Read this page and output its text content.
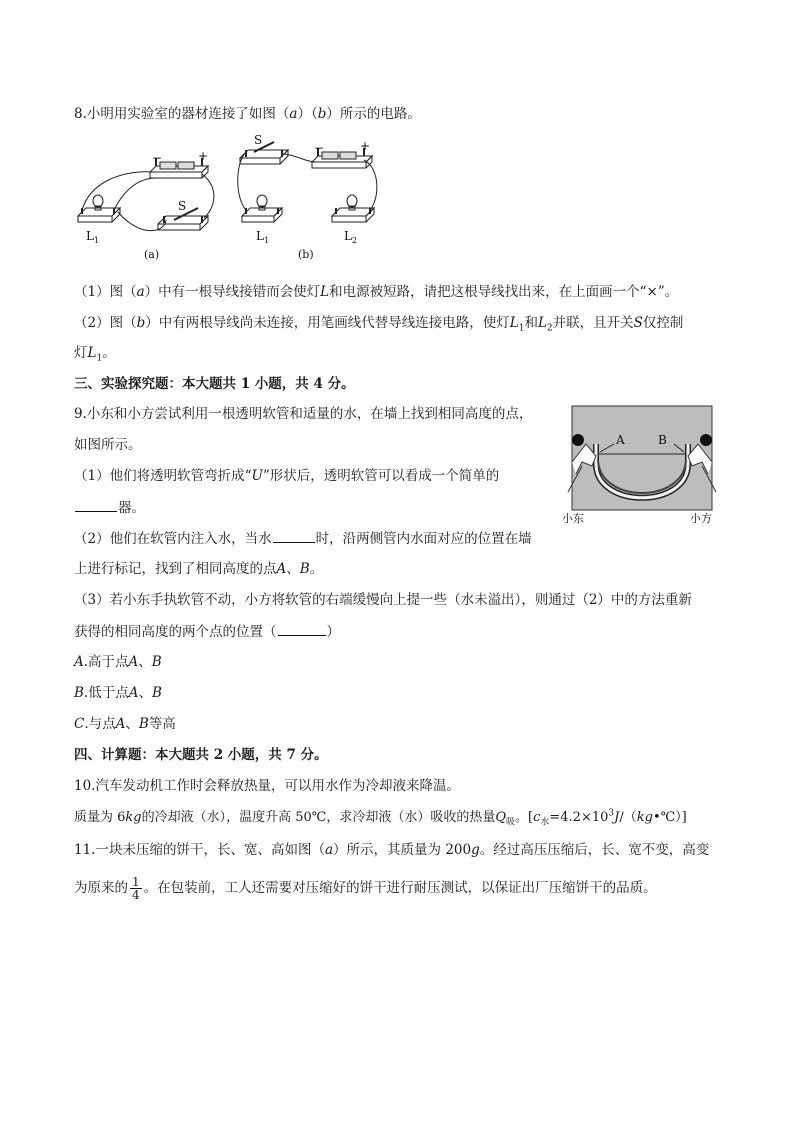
8.小明用实验室的器材连接了如图（a）（b）所示的电路。
−	+
S
$L_1$
(a)
S
−	+
$L_1$	$L_2$
(b)
（1）图（a）中有一根导线接错而会使灯L和电源被短路，请把这根导线找出来，在上面画一个“×”。
（2）图（b）中有两根导线尚未连接，用笔画线代替导线连接电路，使灯$L_1$和$L_2$并联，且开关S仅控制
灯$L_1$。
三、实验探究题：本大题共 1 小题，共 4 分。
9.小东和小方尝试利用一根透明软管和适量的水，在墙上找到相同高度的点，
如图所示。	A	B
小东	小方
（1）他们将透明软管弯折成“U”形状后，透明软管可以看成一个简单的
器。
（2）他们在软管内注入水，当水	时，沿两侧管内水面对应的位置在墙
上进行标记，找到了相同高度的点A、B。
（3）若小东手执软管不动，小方将软管的右端缓慢向上提一些（水未溢出），则通过（2）中的方法重新
获得的相同高度的两个点的位置（	）
A.高于点A、B
B.低于点A、B
C.与点A、B等高
四、计算题：本大题共 2 小题，共 7 分。
10.汽车发动机工作时会释放热量，可以用水作为冷却液来降温。
质量为 6kg的冷却液（水），温度升高 50℃，求冷却液（水）吸收的热量$Q_吸$。$[c_水=4.2\times 10^3J/(kg•℃)]$
11.一块未压缩的饼干，长、宽、高如图（a）所示，其质量为 200g。经过高压压缩后，长、宽不变，高变
为原来的 $\frac{1}{4}$ 。在包装前，工人还需要对压缩好的饼干进行耐压测试，以保证出厂压缩饼干的品质。
